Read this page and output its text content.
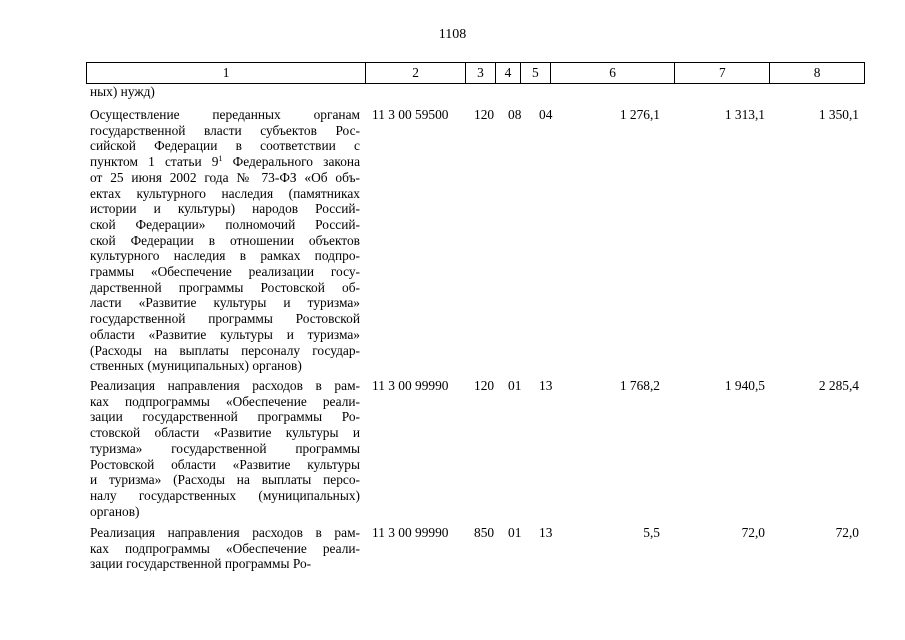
1108
1	2	3	4	5	6	7	8
ных) нужд)
Осуществление переданных органам
государственной власти субъектов Рос-
сийской Федерации в соответствии с
пунктом 1 статьи $9^1$ Федерального закона
от 25 июня 2002 года № 73-ФЗ «Об объ-
ектах культурного наследия (памятниках
истории и культуры) народов Россий-
ской Федерации» полномочий Россий-
ской Федерации в отношении объектов
культурного наследия в рамках подпро-
граммы «Обеспечение реализации госу-
дарственной программы Ростовской об-
ласти «Развитие культуры и туризма»
государственной программы Ростовской
области «Развитие культуры и туризма»
(Расходы на выплаты персоналу государ-
ственных (муниципальных) органов)
11 3 00 59500 120 08 04	1 276,1	1 313,1	1 350,1
Реализация направления расходов в рам-
ках подпрограммы «Обеспечение реали-
зации государственной программы Ро-
стовской области «Развитие культуры и
туризма» государственной программы
Ростовской области «Развитие культуры
и туризма» (Расходы на выплаты персо-
налу государственных (муниципальных)
органов)
11 3 00 99990 120 01 13	1 768,2	1 940,5	2 285,4
Реализация направления расходов в рам-
ках подпрограммы «Обеспечение реали-
зации государственной программы Ро-
11 3 00 99990 850 01 13	5,5	72,0	72,0
